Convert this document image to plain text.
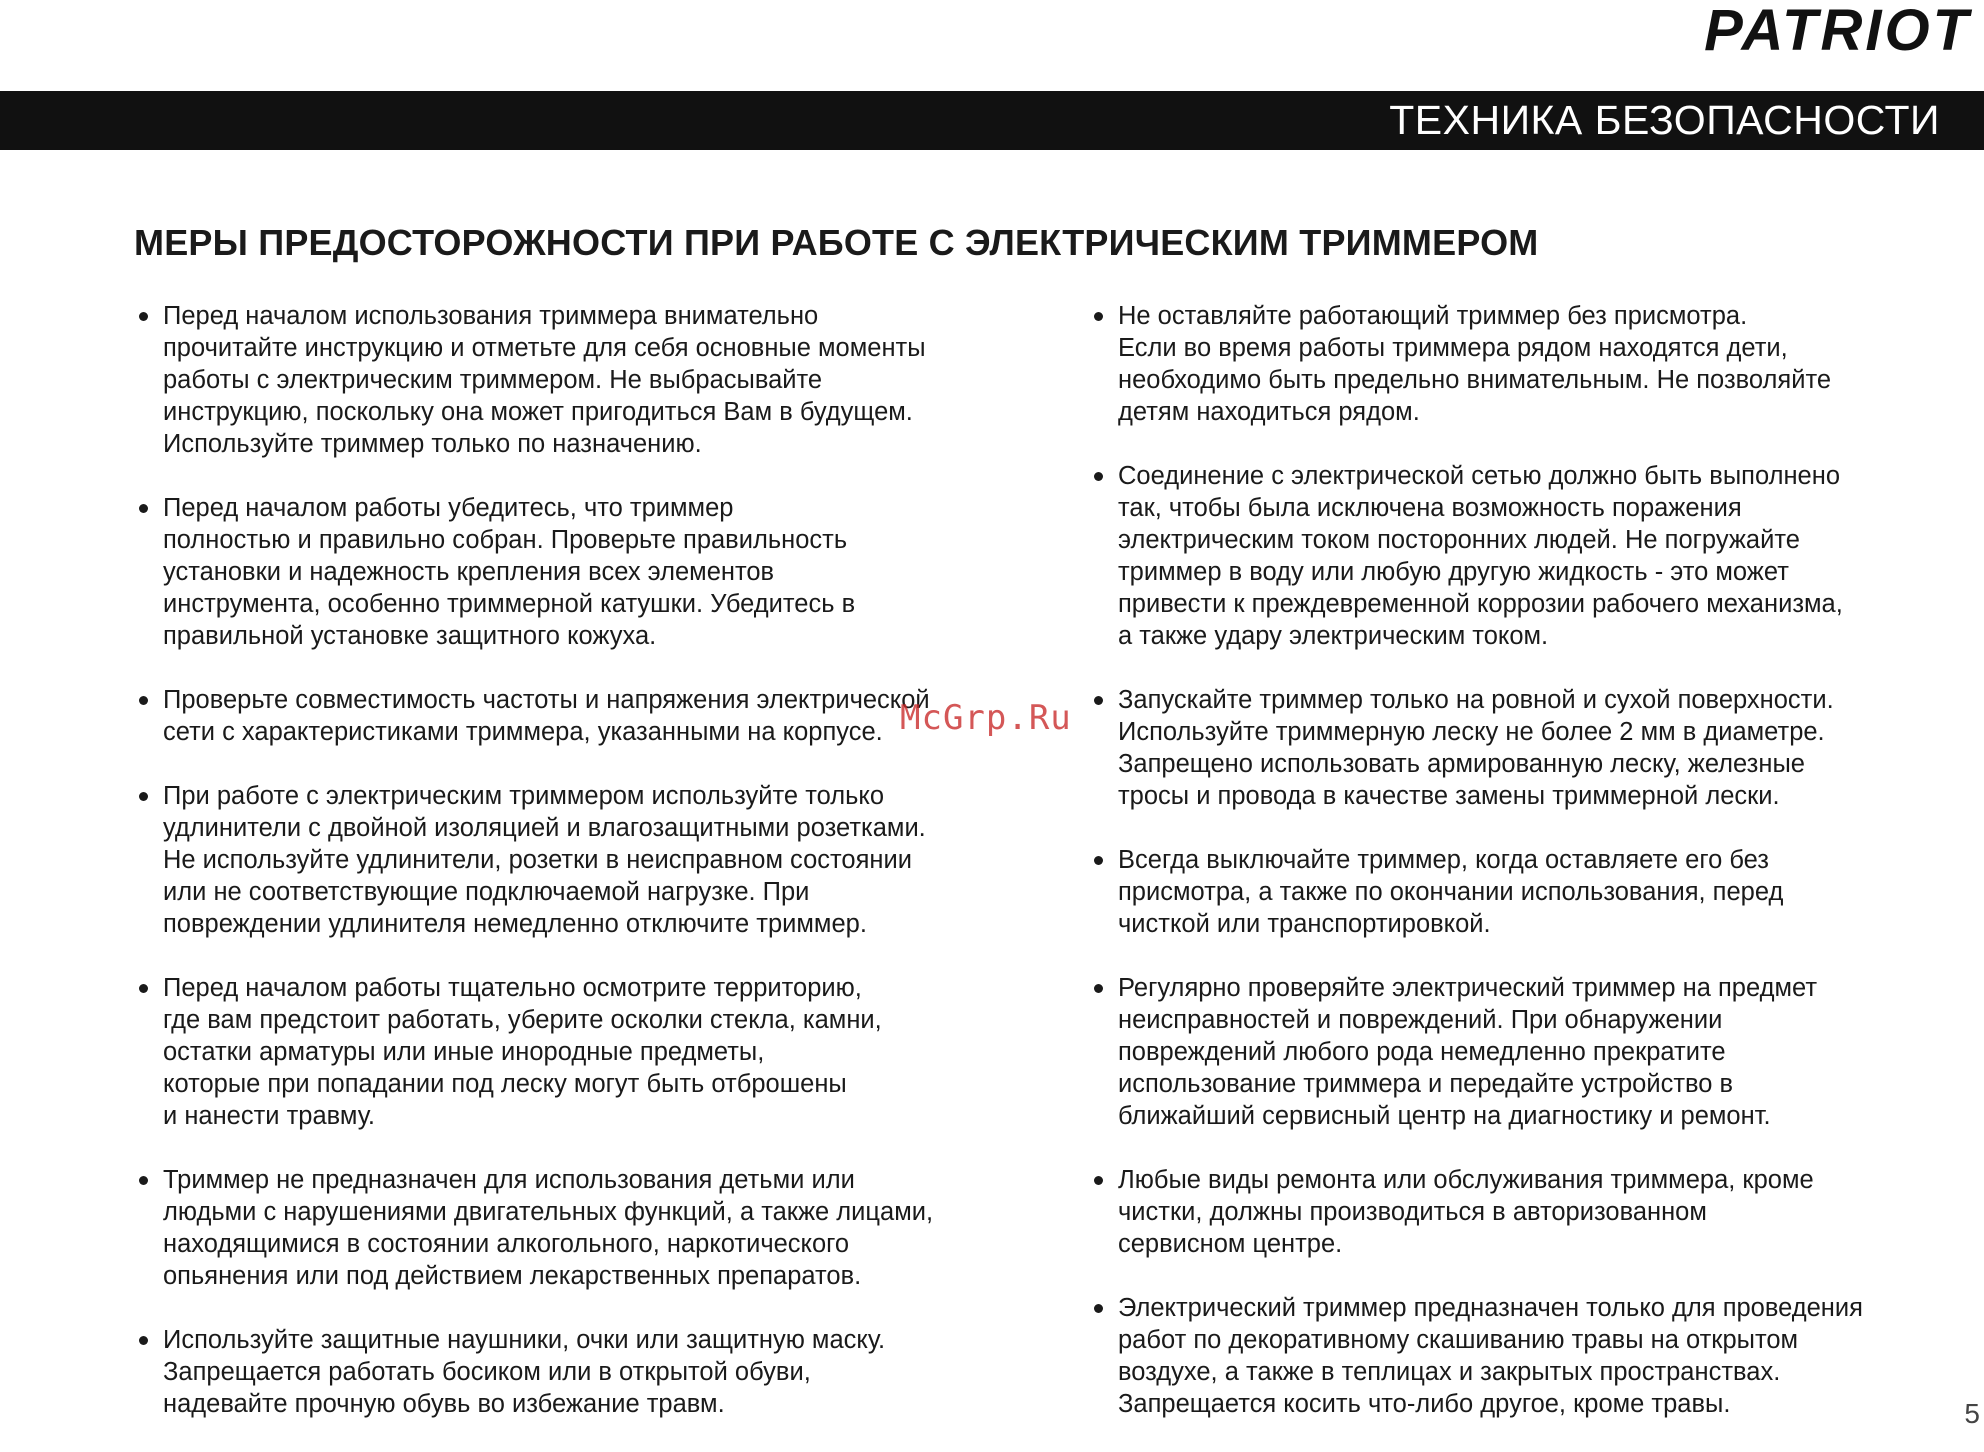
PATRIOT
ТЕХНИКА БЕЗОПАСНОСТИ
МЕРЫ ПРЕДОСТОРОЖНОСТИ ПРИ РАБОТЕ С ЭЛЕКТРИЧЕСКИМ ТРИММЕРОМ
Перед началом использования триммера внимательно
прочитайте инструкцию и отметьте для себя основные моменты
работы с электрическим триммером. Не выбрасывайте
инструкцию, поскольку она может пригодиться Вам в будущем.
Используйте триммер только по назначению.
Перед началом работы убедитесь, что триммер
полностью и правильно собран. Проверьте правильность
установки и надежность крепления всех элементов
инструмента, особенно триммерной катушки. Убедитесь в
правильной установке защитного кожуха.
Проверьте совместимость частоты и напряжения электрической
сети с характеристиками триммера, указанными на корпусе.
При работе с электрическим триммером используйте только
удлинители с двойной изоляцией и влагозащитными розетками.
Не используйте удлинители, розетки в неисправном состоянии
или не соответствующие подключаемой нагрузке. При
повреждении удлинителя немедленно отключите триммер.
Перед началом работы тщательно осмотрите территорию,
где вам предстоит работать, уберите осколки стекла, камни,
остатки арматуры или иные инородные предметы,
которые при попадании под леску могут быть отброшены
и нанести травму.
Триммер не предназначен для использования детьми или
людьми с нарушениями двигательных функций, а также лицами,
находящимися в состоянии алкогольного, наркотического
опьянения или под действием лекарственных препаратов.
Используйте защитные наушники, очки или защитную маску.
Запрещается работать босиком или в открытой обуви,
надевайте прочную обувь во избежание травм.
Не оставляйте работающий триммер без присмотра.
Если во время работы триммера рядом находятся дети,
необходимо быть предельно внимательным. Не позволяйте
детям находиться рядом.
Соединение с электрической сетью должно быть выполнено
так, чтобы была исключена возможность поражения
электрическим током посторонних людей. Не погружайте
триммер в воду или любую другую жидкость - это может
привести к преждевременной коррозии рабочего механизма,
а также удару электрическим током.
Запускайте триммер только на ровной и сухой поверхности.
Используйте триммерную леску не более 2 мм в диаметре.
Запрещено использовать армированную леску, железные
тросы и провода в качестве замены триммерной лески.
Всегда выключайте триммер, когда оставляете его без
присмотра, а также по окончании использования, перед
чисткой или транспортировкой.
Регулярно проверяйте электрический триммер на предмет
неисправностей и повреждений. При обнаружении
повреждений любого рода немедленно прекратите
использование триммера и передайте устройство в
ближайший сервисный центр на диагностику и ремонт.
Любые виды ремонта или обслуживания триммера, кроме
чистки, должны производиться в авторизованном
сервисном центре.
Электрический триммер предназначен только для проведения
работ по декоративному скашиванию травы на открытом
воздухе, а также в теплицах и закрытых пространствах.
Запрещается косить что-либо другое, кроме травы.
McGrp.Ru
5
